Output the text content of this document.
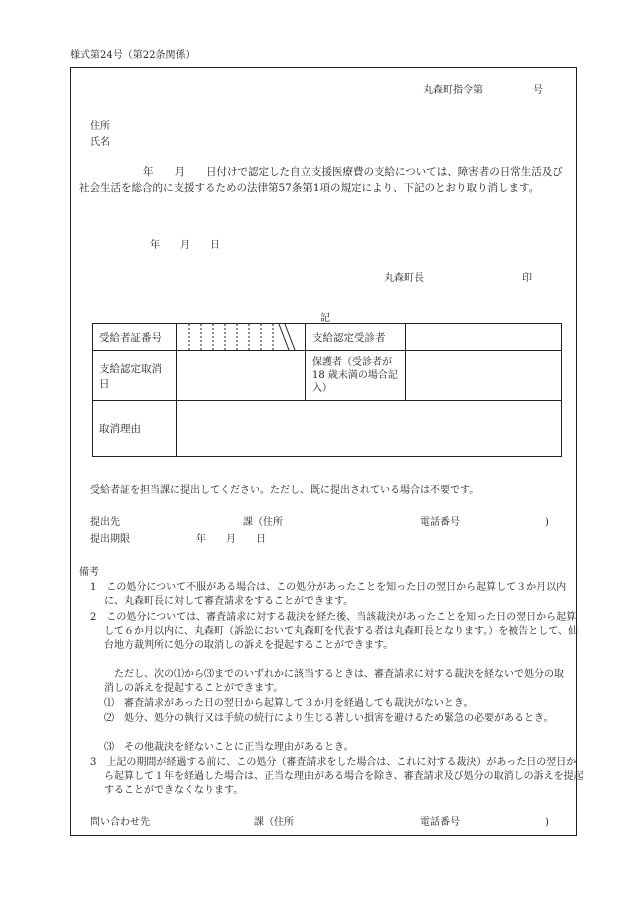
様式第24号（第22条関係）
丸森町指令第　　　　　号
住所
氏名
年　　月　　日付けで認定した自立支援医療費の支給については、障害者の日常生活及び社会生活を総合的に支援するための法律第57条第1項の規定により、下記のとおり取り消します。
年　　月　　日
丸森町長	印
記
受給者証番号		支給認定受診者	
支給認定取消日		保護者（受診者が 18 歳未満の場合記入）	
取消理由			
受給者証を担当課に提出してください。ただし、既に提出されている場合は不要です。
提出先	課（住所	電話番号	)
提出期限	年　　月　　日
備考
1　 この処分について不服がある場合は、この処分があったことを知った日の翌日から起算して３か月以内に、丸森町長に対して審査請求をすることができます。
2　 この処分については、審査請求に対する裁決を経た後、当該裁決があったことを知った日の翌日から起算して６か月以内に、丸森町（訴訟において丸森町を代表する者は丸森町長となります。）を被告として、仙台地方裁判所に処分の取消しの訴えを提起することができます。
ただし、次の⑴から⑶までのいずれかに該当するときは、審査請求に対する裁決を経ないで処分の取消しの訴えを提起することができます。
⑴　 審査請求があった日の翌日から起算して３か月を経過しても裁決がないとき。
⑵　 処分、処分の執行又は手続の続行により生じる著しい損害を避けるため緊急の必要があるとき。
⑶　 その他裁決を経ないことに正当な理由があるとき。
3　 上記の期間が経過する前に、この処分（審査請求をした場合は、これに対する裁決）があった日の翌日から起算して１年を経過した場合は、正当な理由がある場合を除き、審査請求及び処分の取消しの訴えを提起することができなくなります。
問い合わせ先	課（住所	電話番号	)
